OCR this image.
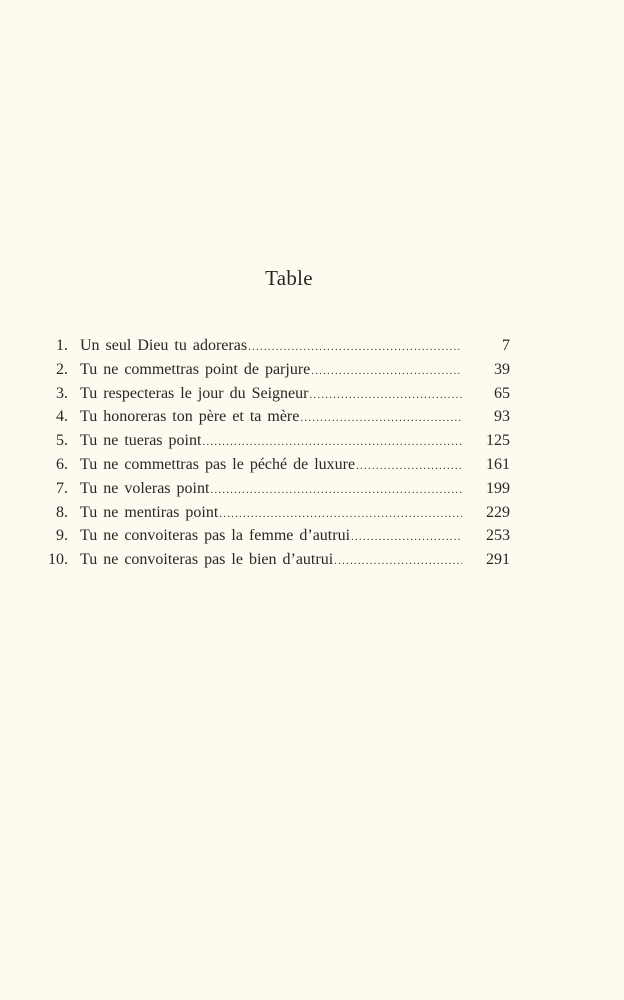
Table
1. Un seul Dieu tu adoreras .....	7
2. Tu ne commettras point de parjure .....	39
3. Tu respecteras le jour du Seigneur .....	65
4. Tu honoreras ton père et ta mère .....	93
5. Tu ne tueras point .....	125
6. Tu ne commettras pas le péché de luxure .....	161
7. Tu ne voleras point .....	199
8. Tu ne mentiras point .....	229
9. Tu ne convoiteras pas la femme d’autrui .....	253
10. Tu ne convoiteras pas le bien d’autrui .....	291
